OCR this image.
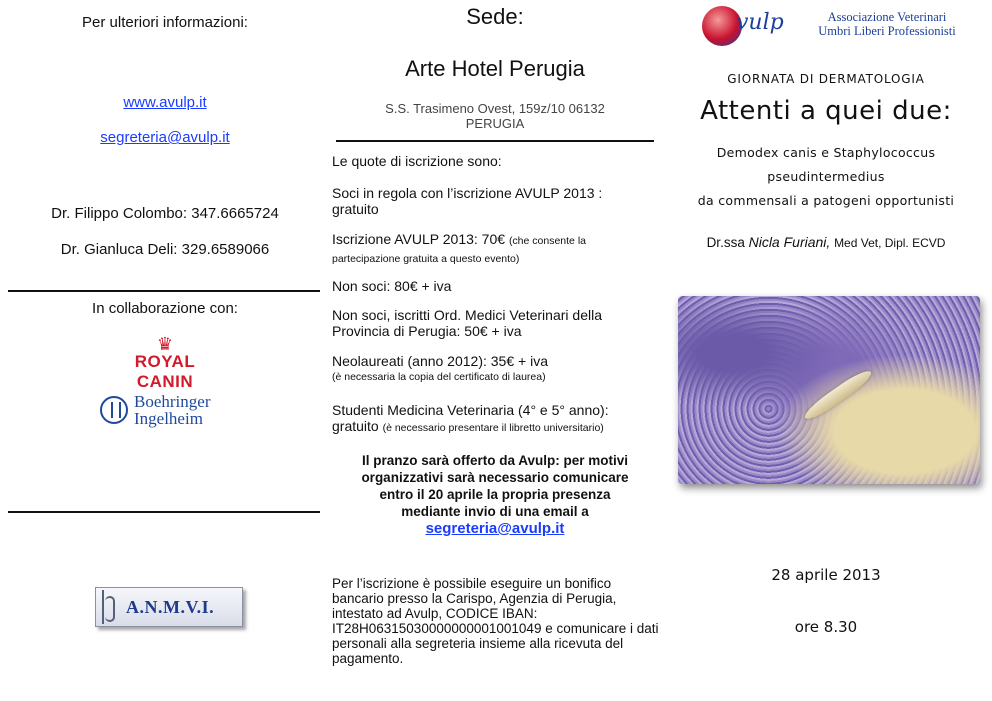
Per ulteriori informazioni:
www.avulp.it
segreteria@avulp.it
Dr. Filippo Colombo: 347.6665724
Dr. Gianluca Deli: 329.6589066
In collaborazione con:
♛
ROYAL CANIN
Boehringer
Ingelheim
A.N.M.V.I.
Sede:
Arte Hotel Perugia
S.S. Trasimeno Ovest, 159z/10 06132
PERUGIA
Le quote di iscrizione sono:
Soci in regola con l’iscrizione AVULP 2013 : gratuito
Iscrizione AVULP 2013: 70€ (che consente la partecipazione gratuita a questo evento)
Non soci: 80€ + iva
Non soci, iscritti Ord. Medici Veterinari della Provincia di Perugia: 50€ + iva
Neolaureati (anno 2012): 35€ + iva
(è necessaria la copia del certificato di laurea)
Studenti Medicina Veterinaria (4° e 5° anno): gratuito (è necessario presentare il libretto universitario)
Il pranzo sarà offerto da Avulp: per motivi organizzativi sarà necessario comunicare entro il 20 aprile la propria presenza mediante invio di una email a
segreteria@avulp.it
Per l’iscrizione è possibile eseguire un bonifico bancario presso la Carispo, Agenzia di Perugia, intestato ad Avulp, CODICE IBAN: IT28H06315030000000001001049 e comunicare i dati personali alla segreteria insieme alla ricevuta del pagamento.
vulp	Associazione Veterinari
Umbri Liberi Professionisti
GIORNATA DI DERMATOLOGIA
Attenti a quei due:
Demodex canis e Staphylococcus
pseudintermedius
da commensali a patogeni opportunisti
Dr.ssa Nicla Furiani, Med Vet, Dipl. ECVD
28 aprile 2013
ore 8.30
